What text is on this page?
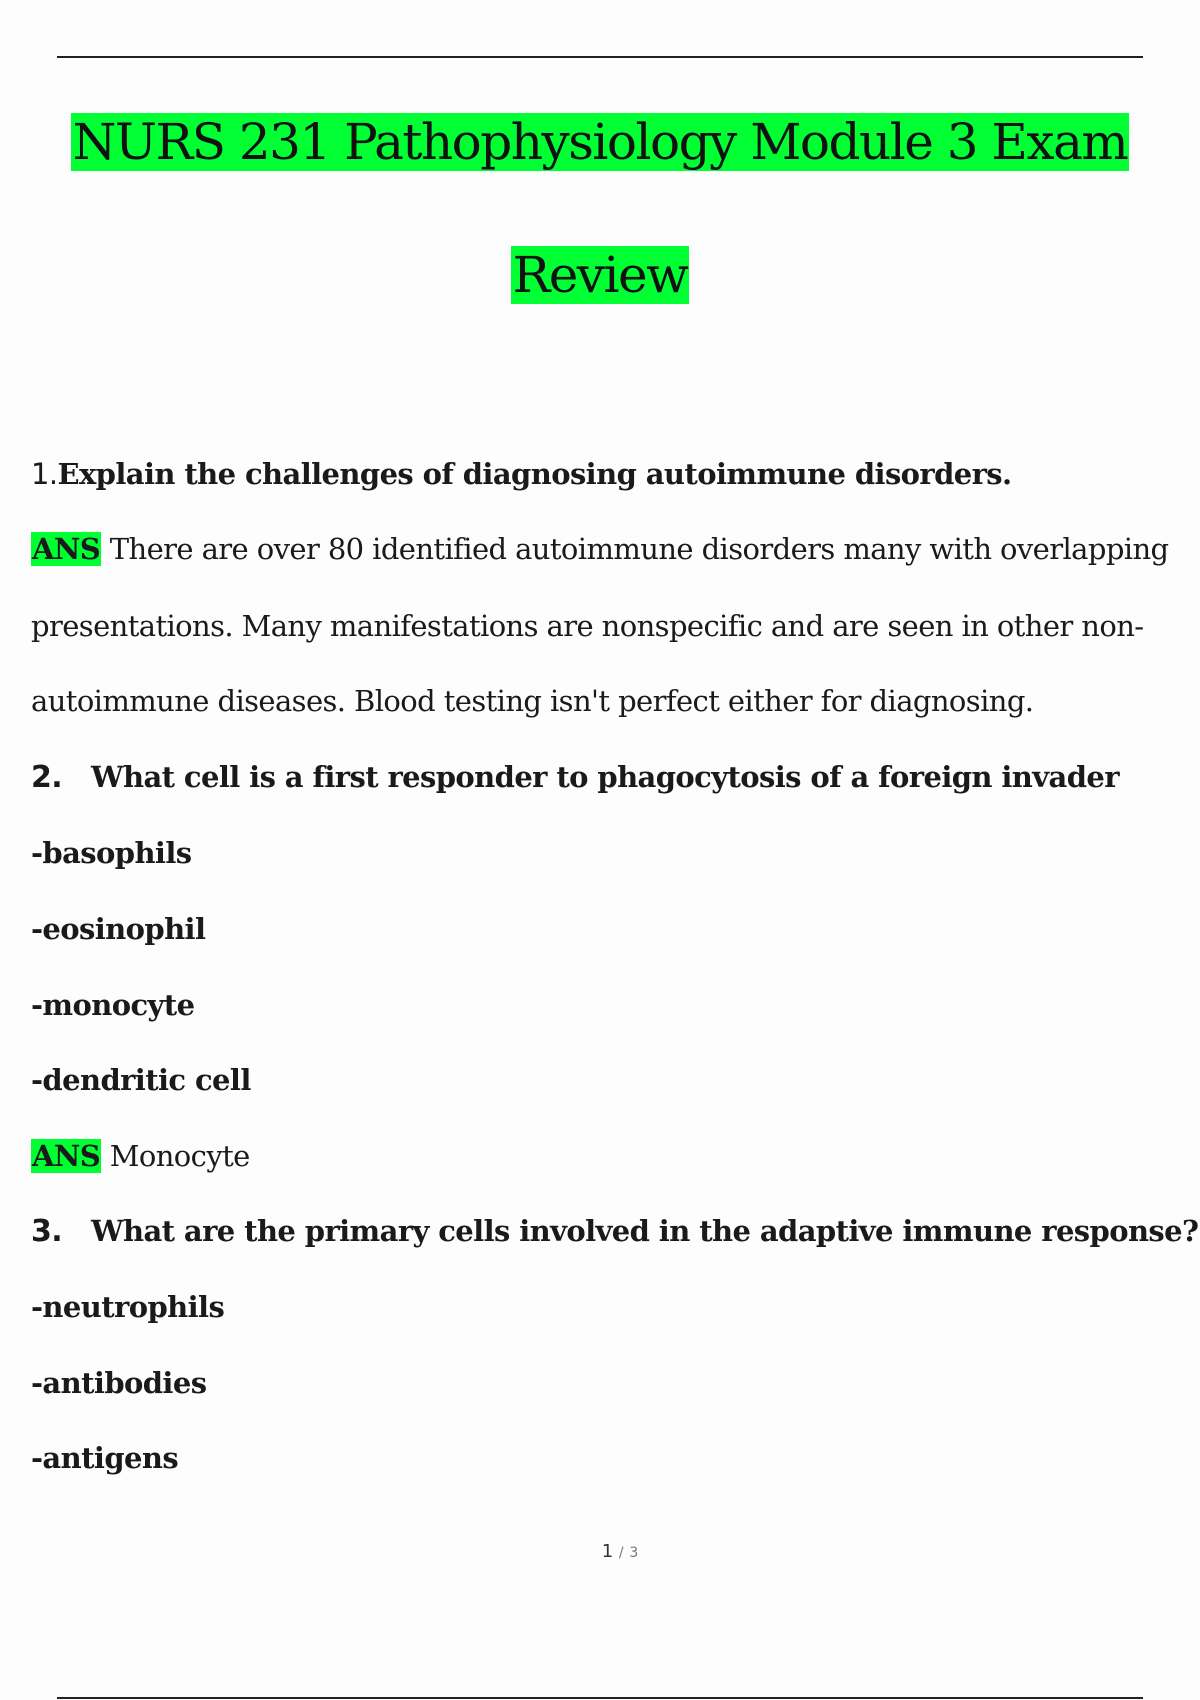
NURS 231 Pathophysiology Module 3 Exam
Review
1.Explain the challenges of diagnosing autoimmune disorders.
ANS There are over 80 identified autoimmune disorders many with overlapping
presentations. Many manifestations are nonspecific and are seen in other non-
autoimmune diseases. Blood testing isn't perfect either for diagnosing.
2. What cell is a first responder to phagocytosis of a foreign invader
-basophils
-eosinophil
-monocyte
-dendritic cell
ANS Monocyte
3. What are the primary cells involved in the adaptive immune response?
-neutrophils
-antibodies
-antigens
1 / 3
